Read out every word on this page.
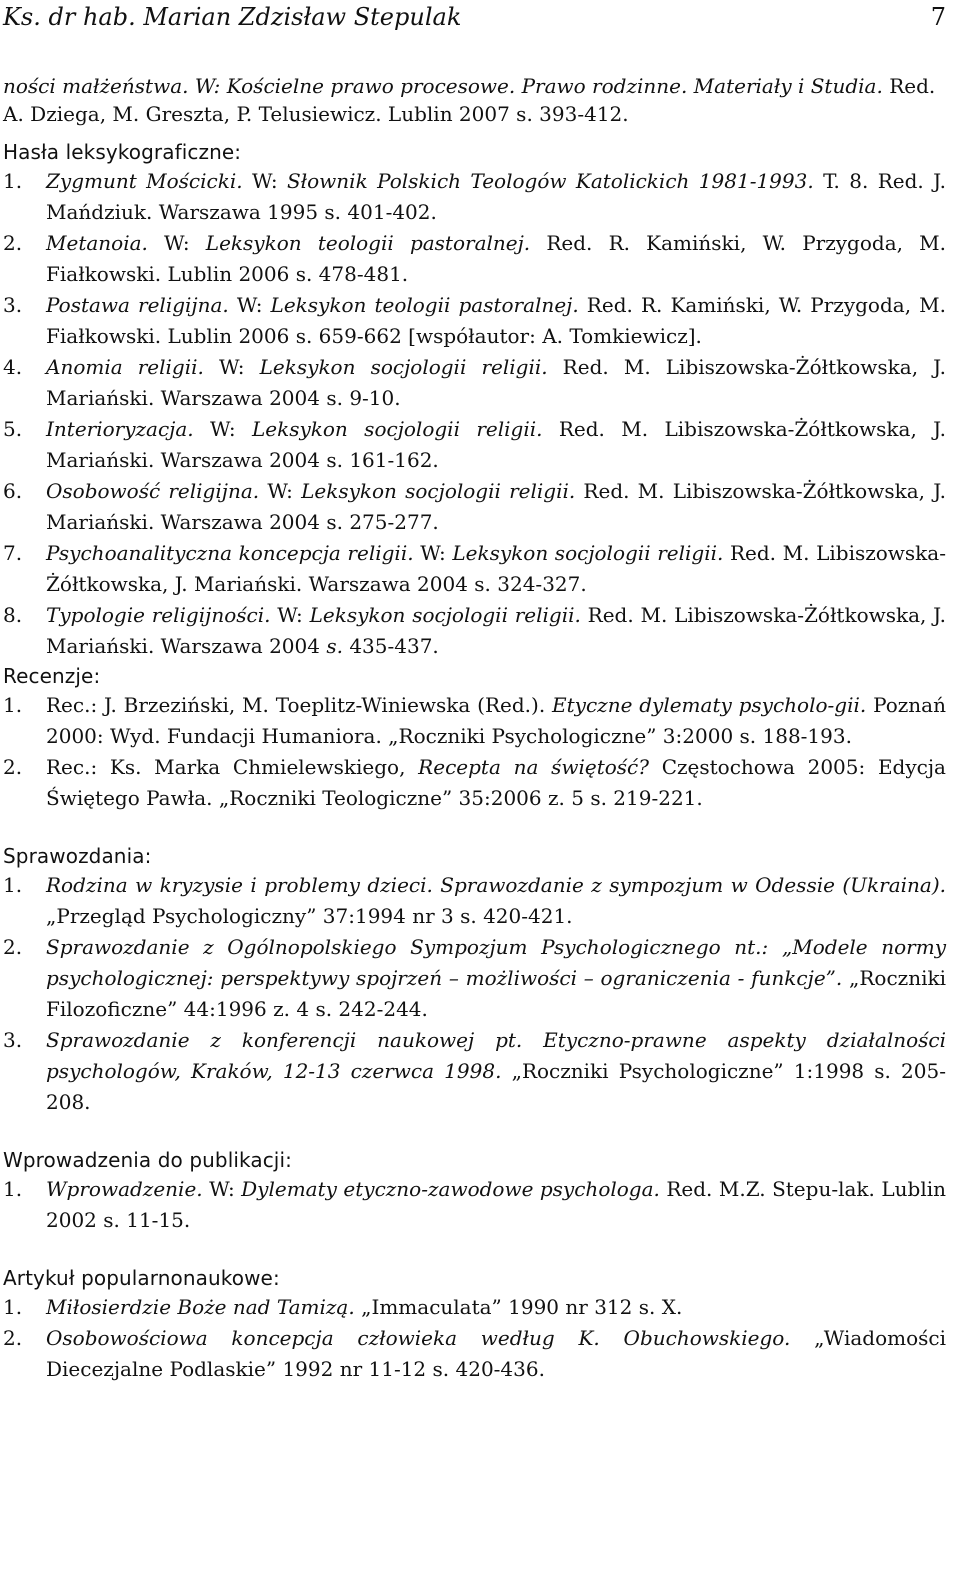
Ks. dr hab. Marian Zdzisław Stepulak	7

ności małżeństwa. W: Kościelne prawo procesowe. Prawo rodzinne. Materiały i Studia. Red. A. Dziega, M. Greszta, P. Telusiewicz. Lublin 2007 s. 393-412.

Hasła leksykograficzne:
1.	Zygmunt Mościcki. W: Słownik Polskich Teologów Katolickich 1981-1993. T. 8. Red. J. Mańdziuk. Warszawa 1995 s. 401-402.
2.	Metanoia. W: Leksykon teologii pastoralnej. Red. R. Kamiński, W. Przygoda, M. Fiałkowski. Lublin 2006 s. 478-481.
3.	Postawa religijna. W: Leksykon teologii pastoralnej. Red. R. Kamiński, W. Przygoda, M. Fiałkowski. Lublin 2006 s. 659-662 [współautor: A. Tomkiewicz].
4.	Anomia religii. W: Leksykon socjologii religii. Red. M. Libiszowska-Żółtkowska, J. Mariański. Warszawa 2004 s. 9-10.
5.	Interioryzacja. W: Leksykon socjologii religii. Red. M. Libiszowska-Żółtkowska, J. Mariański. Warszawa 2004 s. 161-162.
6.	Osobowość religijna. W: Leksykon socjologii religii. Red. M. Libiszowska-Żółtkowska, J. Mariański. Warszawa 2004 s. 275-277.
7.	Psychoanalityczna koncepcja religii. W: Leksykon socjologii religii. Red. M. Libiszowska-Żółtkowska, J. Mariański. Warszawa 2004 s. 324-327.
8.	Typologie religijności. W: Leksykon socjologii religii. Red. M. Libiszowska-Żółtkowska, J. Mariański. Warszawa 2004 s. 435-437.
Recenzje:
1.	Rec.: J. Brzeziński, M. Toeplitz-Winiewska (Red.). Etyczne dylematy psycholo-gii. Poznań 2000: Wyd. Fundacji Humaniora. „Roczniki Psychologiczne” 3:2000 s. 188-193.
2.	Rec.: Ks. Marka Chmielewskiego, Recepta na świętość? Częstochowa 2005: Edycja Świętego Pawła. „Roczniki Teologiczne” 35:2006 z. 5 s. 219-221.
Sprawozdania:
1.	Rodzina w kryzysie i problemy dzieci. Sprawozdanie z sympozjum w Odessie (Ukraina). „Przegląd Psychologiczny” 37:1994 nr 3 s. 420-421.
2.	Sprawozdanie z Ogólnopolskiego Sympozjum Psychologicznego nt.: „Modele normy psychologicznej: perspektywy spojrzeń – możliwości – ograniczenia - funkcje”. „Roczniki Filozoficzne” 44:1996 z. 4 s. 242-244.
3.	Sprawozdanie z konferencji naukowej pt. Etyczno-prawne aspekty działalności psychologów, Kraków, 12-13 czerwca 1998. „Roczniki Psychologiczne” 1:1998 s. 205-208.
Wprowadzenia do publikacji:
1.	Wprowadzenie. W: Dylematy etyczno-zawodowe psychologa. Red. M.Z. Stepu-lak. Lublin 2002 s. 11-15.
Artykuł popularnonaukowe:
1.	Miłosierdzie Boże nad Tamizą. „Immaculata” 1990 nr 312 s. X.
2.	Osobowościowa koncepcja człowieka według K. Obuchowskiego. „Wiadomości Diecezjalne Podlaskie” 1992 nr 11-12 s. 420-436.
